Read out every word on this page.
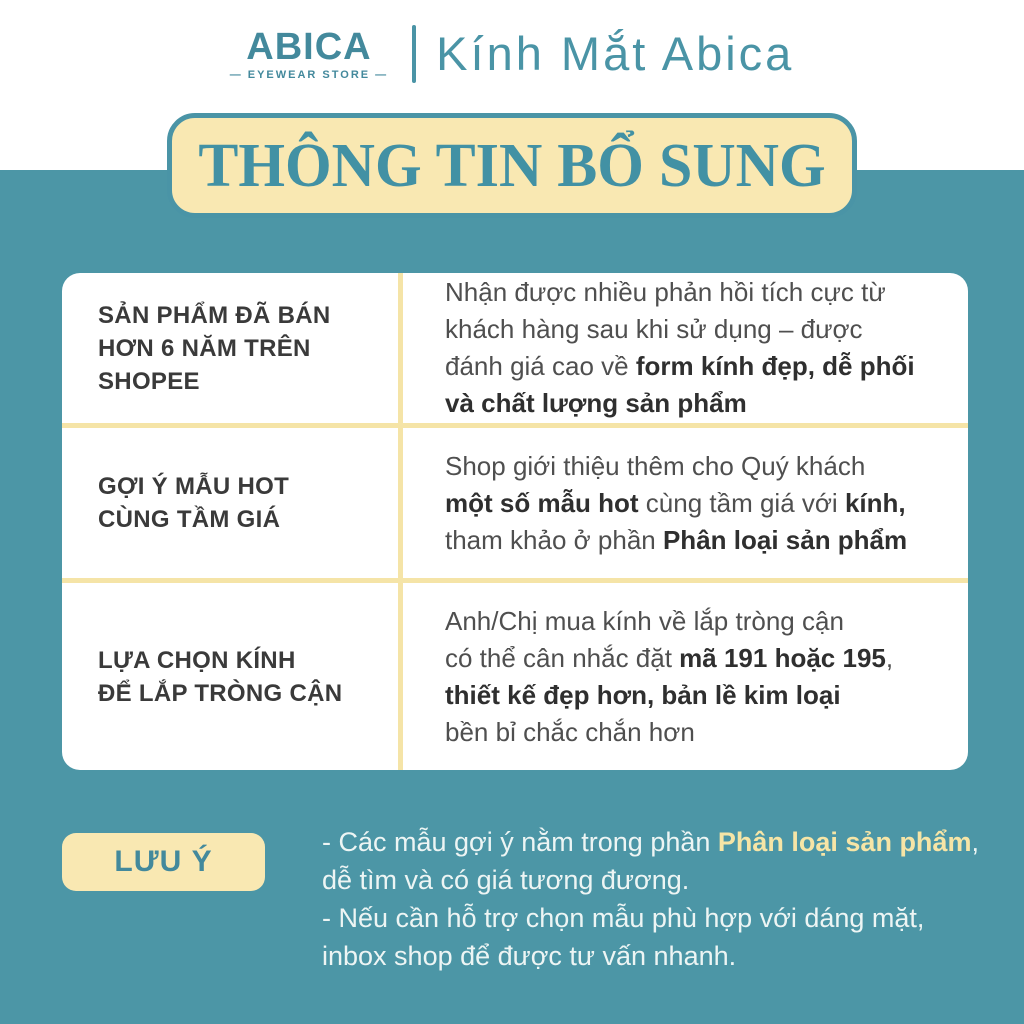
ABICA
— EYEWEAR STORE — Kính Mắt Abica
THÔNG TIN BỔ SUNG
SẢN PHẨM ĐÃ BÁN
HƠN 6 NĂM TRÊN
SHOPEE
Nhận được nhiều phản hồi tích cực từ
khách hàng sau khi sử dụng – được
đánh giá cao về form kính đẹp, dễ phối
và chất lượng sản phẩm
GỢI Ý MẪU HOT
CÙNG TẦM GIÁ
Shop giới thiệu thêm cho Quý khách
một số mẫu hot cùng tầm giá với kính,
tham khảo ở phần Phân loại sản phẩm
LỰA CHỌN KÍNH
ĐỂ LẮP TRÒNG CẬN
Anh/Chị mua kính về lắp tròng cận
có thể cân nhắc đặt mã 191 hoặc 195,
thiết kế đẹp hơn, bản lề kim loại
bền bỉ chắc chắn hơn
LƯU Ý
- Các mẫu gợi ý nằm trong phần Phân loại sản phẩm,
dễ tìm và có giá tương đương.
- Nếu cần hỗ trợ chọn mẫu phù hợp với dáng mặt,
inbox shop để được tư vấn nhanh.
